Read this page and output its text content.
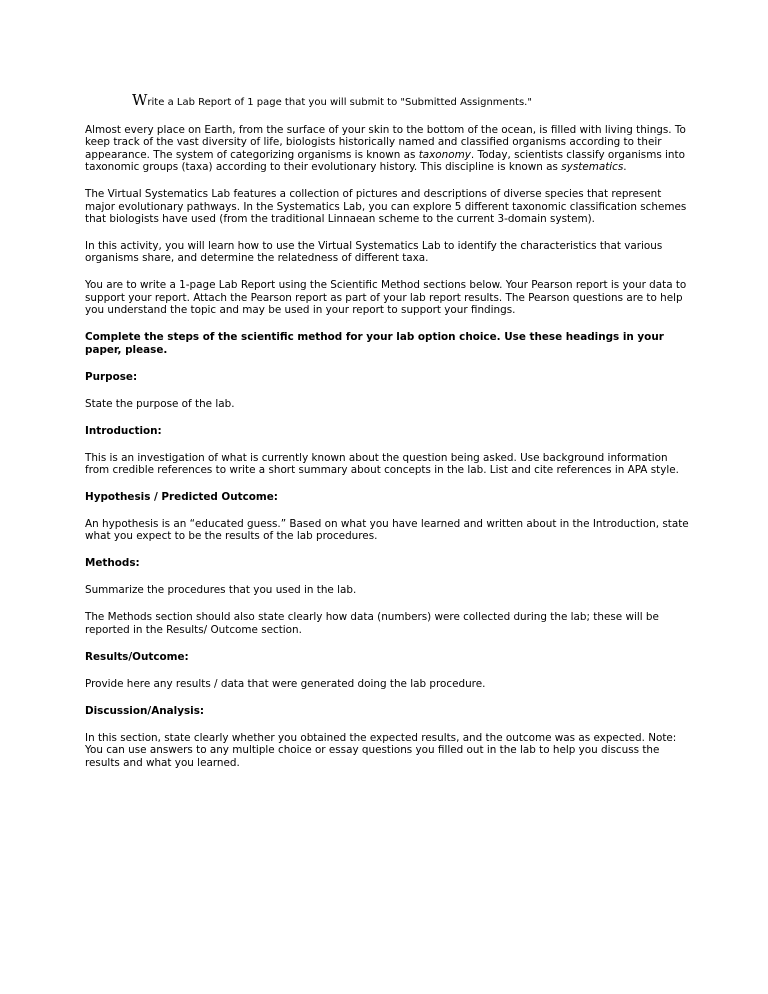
Write a Lab Report of 1 page that you will submit to "Submitted Assignments."

Almost every place on Earth, from the surface of your skin to the bottom of the ocean, is filled with living things. To keep track of the vast diversity of life, biologists historically named and classified organisms according to their appearance. The system of categorizing organisms is known as taxonomy. Today, scientists classify organisms into taxonomic groups (taxa) according to their evolutionary history. This discipline is known as systematics.

The Virtual Systematics Lab features a collection of pictures and descriptions of diverse species that represent major evolutionary pathways. In the Systematics Lab, you can explore 5 different taxonomic classification schemes that biologists have used (from the traditional Linnaean scheme to the current 3-domain system).

In this activity, you will learn how to use the Virtual Systematics Lab to identify the characteristics that various organisms share, and determine the relatedness of different taxa.

You are to write a 1-page Lab Report using the Scientific Method sections below. Your Pearson report is your data to support your report. Attach the Pearson report as part of your lab report results. The Pearson questions are to help you understand the topic and may be used in your report to support your findings.

Complete the steps of the scientific method for your lab option choice. Use these headings in your paper, please.

Purpose:

State the purpose of the lab.

Introduction:

This is an investigation of what is currently known about the question being asked. Use background information from credible references to write a short summary about concepts in the lab. List and cite references in APA style.

Hypothesis / Predicted Outcome:

An hypothesis is an “educated guess.” Based on what you have learned and written about in the Introduction, state what you expect to be the results of the lab procedures.

Methods:

Summarize the procedures that you used in the lab.

The Methods section should also state clearly how data (numbers) were collected during the lab; these will be reported in the Results/ Outcome section.

Results/Outcome:

Provide here any results / data that were generated doing the lab procedure.

Discussion/Analysis:

In this section, state clearly whether you obtained the expected results, and the outcome was as expected. Note: You can use answers to any multiple choice or essay questions you filled out in the lab to help you discuss the results and what you learned.
